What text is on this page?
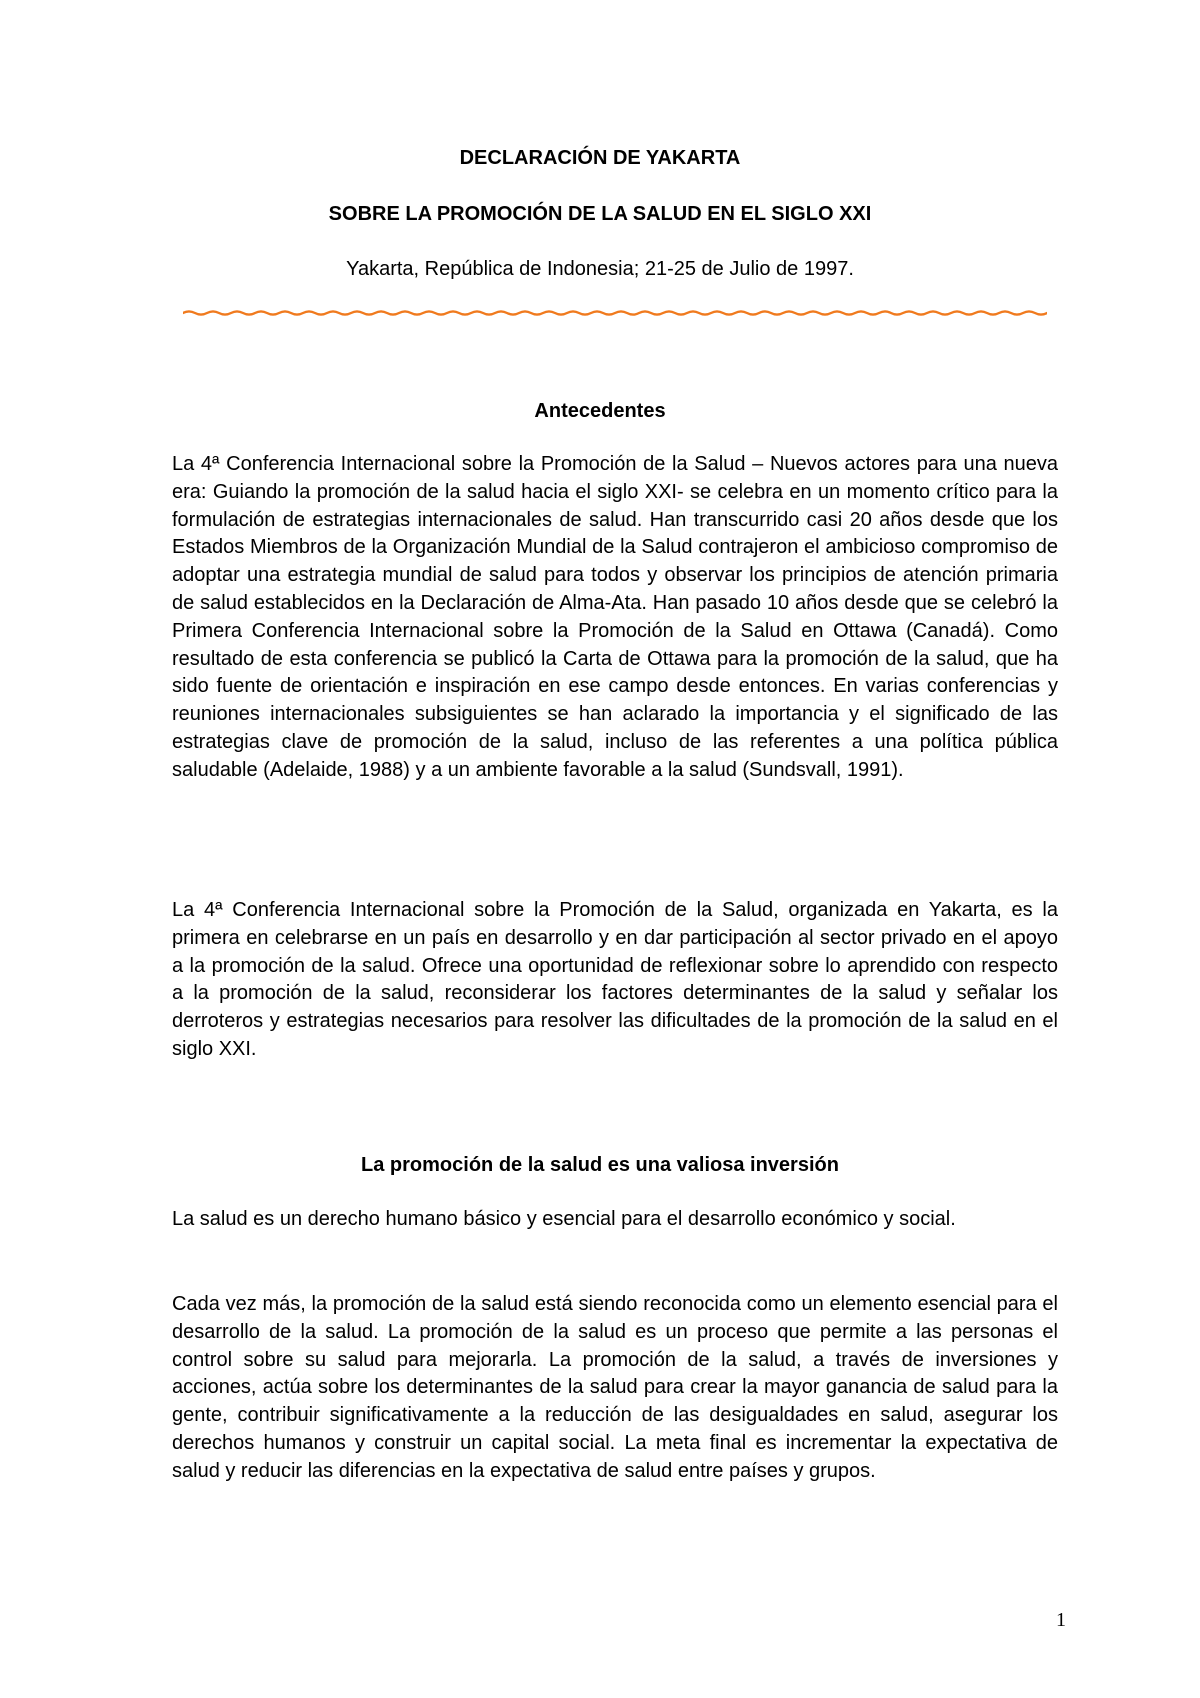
DECLARACIÓN DE YAKARTA
SOBRE LA PROMOCIÓN DE LA SALUD EN EL SIGLO XXI
Yakarta, República de Indonesia; 21-25 de Julio de 1997.
Antecedentes

La 4ª Conferencia Internacional sobre la Promoción de la Salud – Nuevos actores para una nueva era: Guiando la promoción de la salud hacia el siglo XXI- se celebra en un momento crítico para la formulación de estrategias internacionales de salud. Han transcurrido casi 20 años desde que los Estados Miembros de la Organización Mundial de la Salud contrajeron el ambicioso compromiso de adoptar una estrategia mundial de salud para todos y observar los principios de atención primaria de salud establecidos en la Declaración de Alma-Ata. Han pasado 10 años desde que se celebró la Primera Conferencia Internacional sobre la Promoción de la Salud en Ottawa (Canadá). Como resultado de esta conferencia se publicó la Carta de Ottawa para la promoción de la salud, que ha sido fuente de orientación e inspiración en ese campo desde entonces. En varias conferencias y reuniones internacionales subsiguientes se han aclarado la importancia y el significado de las estrategias clave de promoción de la salud, incluso de las referentes a una política pública saludable (Adelaide, 1988) y a un ambiente favorable a la salud (Sundsvall, 1991).

La 4ª Conferencia Internacional sobre la Promoción de la Salud, organizada en Yakarta, es la primera en celebrarse en un país en desarrollo y en dar participación al sector privado en el apoyo a la promoción de la salud. Ofrece una oportunidad de reflexionar sobre lo aprendido con respecto a la promoción de la salud, reconsiderar los factores determinantes de la salud y señalar los derroteros y estrategias necesarios para resolver las dificultades de la promoción de la salud en el siglo XXI.

La promoción de la salud es una valiosa inversión

La salud es un derecho humano básico y esencial para el desarrollo económico y social.

Cada vez más, la promoción de la salud está siendo reconocida como un elemento esencial para el desarrollo de la salud. La promoción de la salud es un proceso que permite a las personas el control sobre su salud para mejorarla. La promoción de la salud, a través de inversiones y acciones, actúa sobre los determinantes de la salud para crear la mayor ganancia de salud para la gente, contribuir significativamente a la reducción de las desigualdades en salud, asegurar los derechos humanos y construir un capital social. La meta final es incrementar la expectativa de salud y reducir las diferencias en la expectativa de salud entre países y grupos.

1
